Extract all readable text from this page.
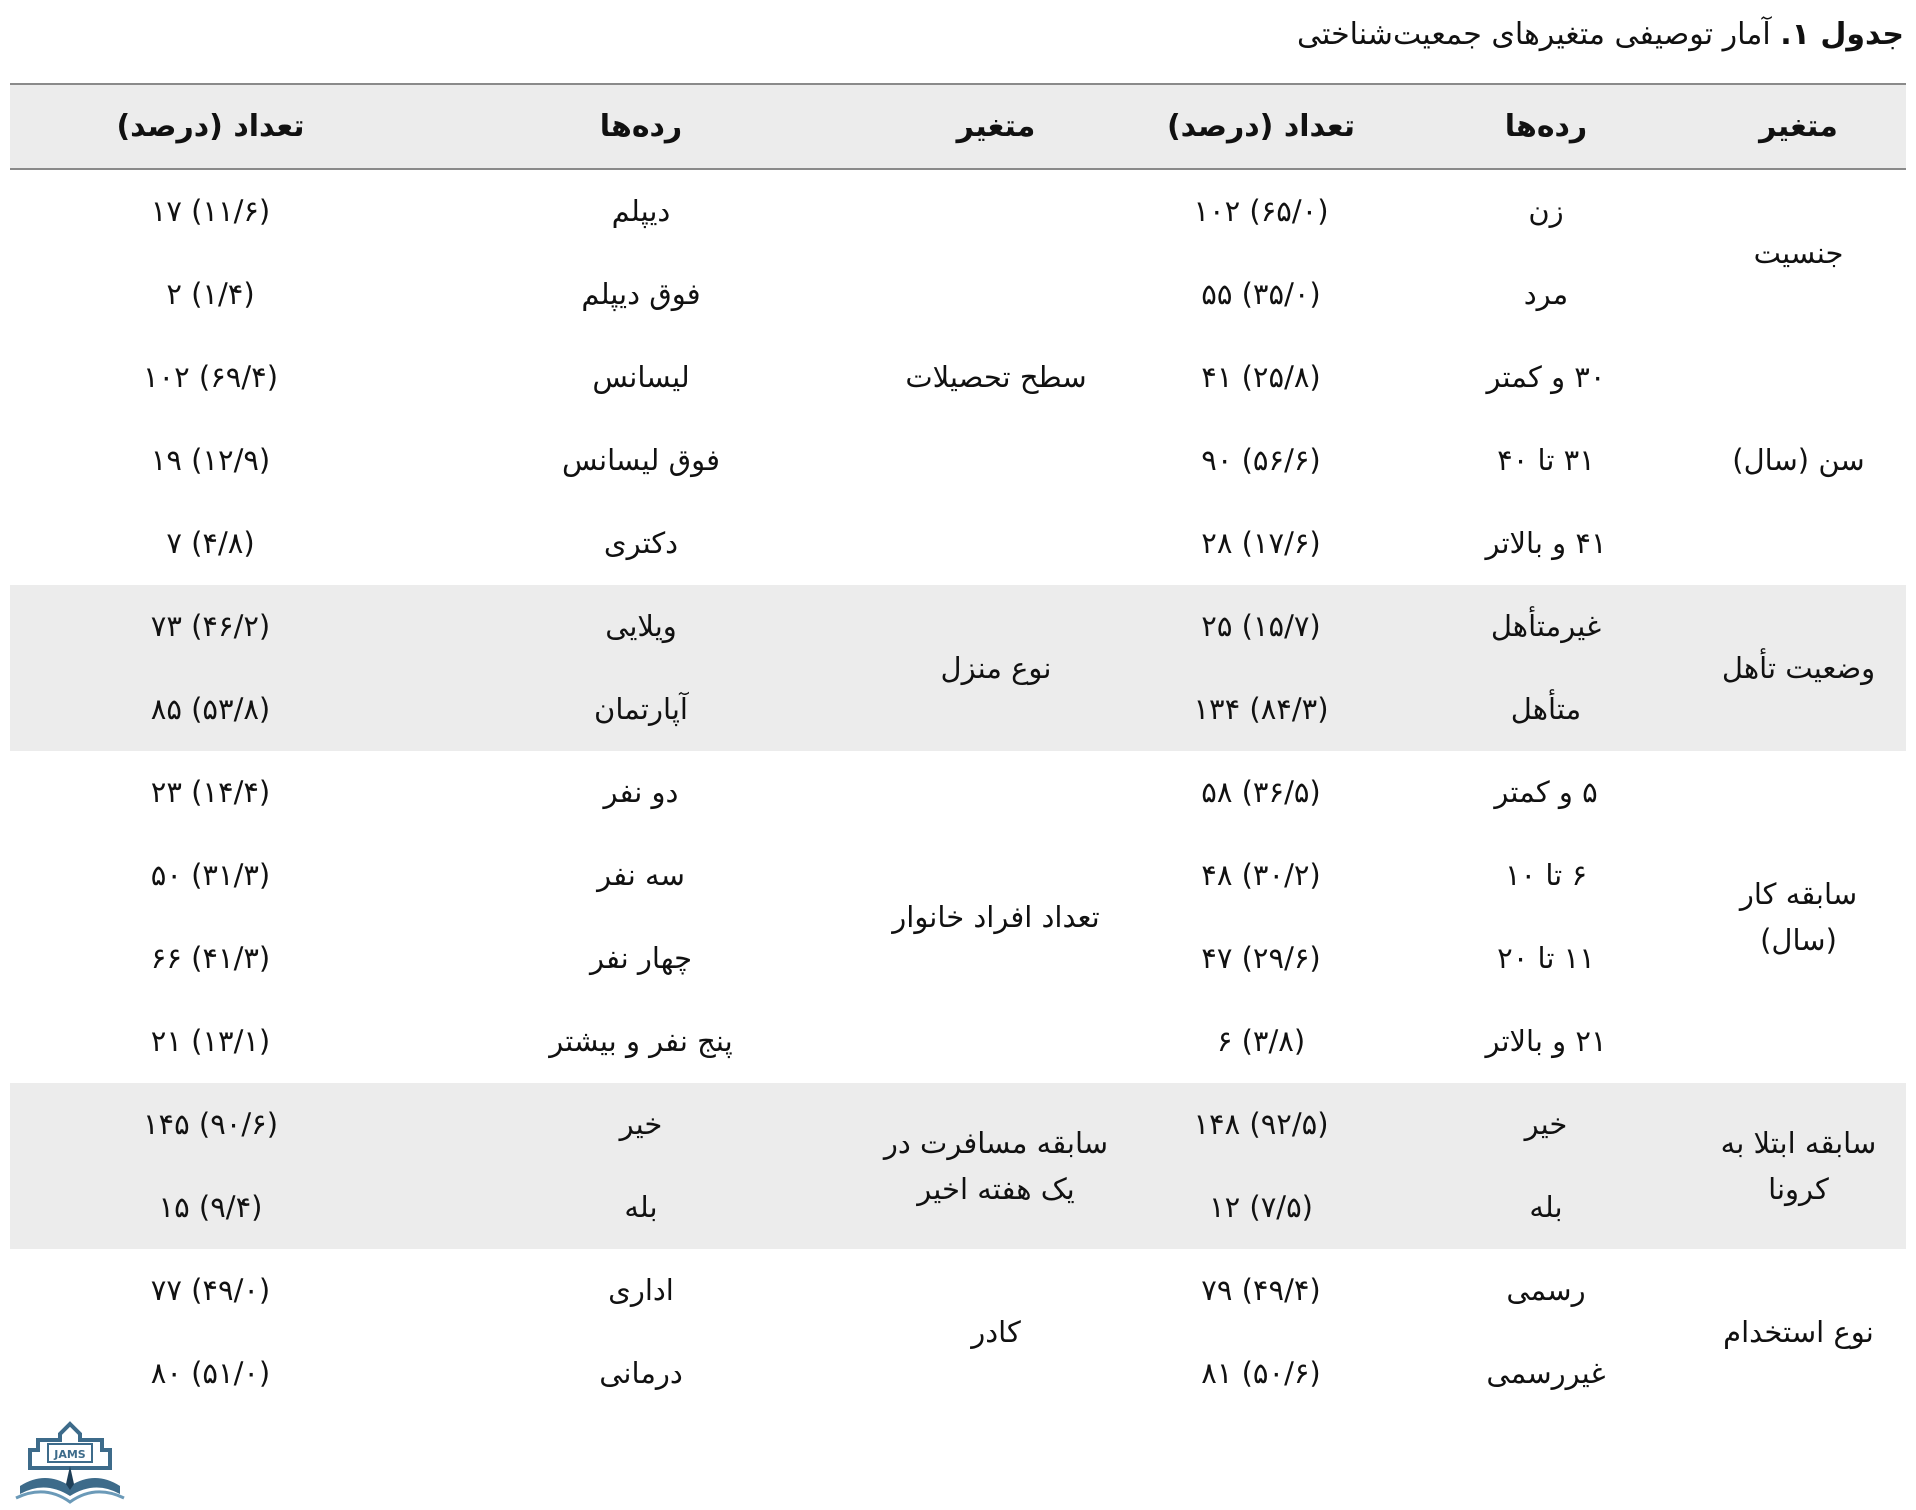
جدول ۱. آمار توصیفی متغیرهای جمعیت‌شناختی
متغیر	رده‌ها	تعداد (درصد)	متغیر	رده‌ها	تعداد (درصد)
جنسیت	زن	۱۰۲ (۶۵/۰)	سطح تحصیلات	دیپلم	۱۷ (۱۱/۶)
	مرد	۵۵ (۳۵/۰)		فوق دیپلم	۲ (۱/۴)
سن (سال)	۳۰ و کمتر	۴۱ (۲۵/۸)		لیسانس	۱۰۲ (۶۹/۴)
	۳۱ تا ۴۰	۹۰ (۵۶/۶)		فوق لیسانس	۱۹ (۱۲/۹)
	۴۱ و بالاتر	۲۸ (۱۷/۶)		دکتری	۷ (۴/۸)
وضعیت تأهل	غیرمتأهل	۲۵ (۱۵/۷)	نوع منزل	ویلایی	۷۳ (۴۶/۲)
	متأهل	۱۳۴ (۸۴/۳)		آپارتمان	۸۵ (۵۳/۸)
سابقه کار (سال)	۵ و کمتر	۵۸ (۳۶/۵)	تعداد افراد خانوار	دو نفر	۲۳ (۱۴/۴)
	۶ تا ۱۰	۴۸ (۳۰/۲)		سه نفر	۵۰ (۳۱/۳)
	۱۱ تا ۲۰	۴۷ (۲۹/۶)		چهار نفر	۶۶ (۴۱/۳)
	۲۱ و بالاتر	۶ (۳/۸)		پنج نفر و بیشتر	۲۱ (۱۳/۱)
سابقه ابتلا به کرونا	خیر	۱۴۸ (۹۲/۵)	سابقه مسافرت در یک هفته اخیر	خیر	۱۴۵ (۹۰/۶)
	بله	۱۲ (۷/۵)		بله	۱۵ (۹/۴)
نوع استخدام	رسمی	۷۹ (۴۹/۴)	کادر	اداری	۷۷ (۴۹/۰)
	غیررسمی	۸۱ (۵۰/۶)		درمانی	۸۰ (۵۱/۰)
JAMS
